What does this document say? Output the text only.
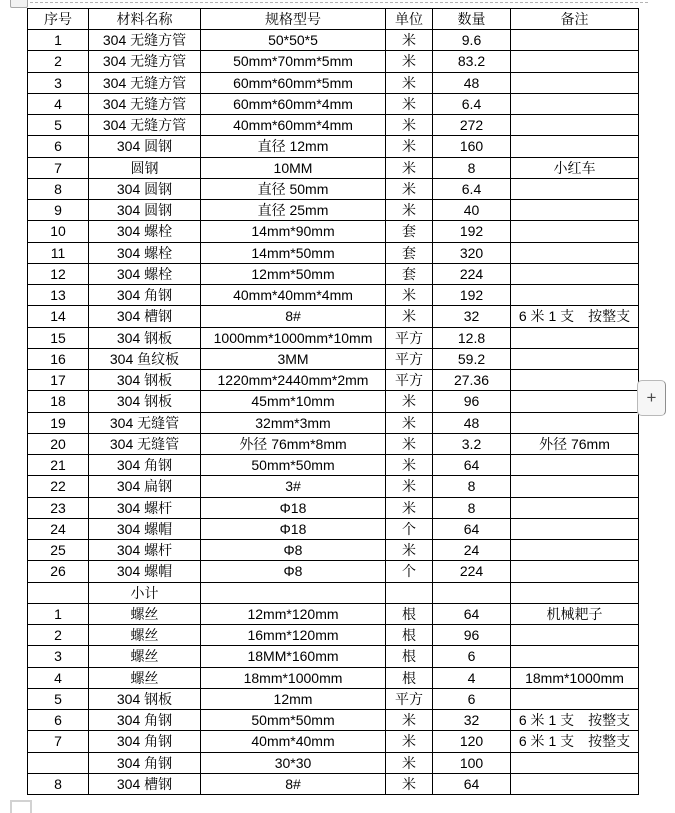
序号	材料名称	规格型号	单位	数量	备注
1	304 无缝方管	50*50*5	米	9.6	
2	304 无缝方管	50mm*70mm*5mm	米	83.2	
3	304 无缝方管	60mm*60mm*5mm	米	48	
4	304 无缝方管	60mm*60mm*4mm	米	6.4	
5	304 无缝方管	40mm*60mm*4mm	米	272	
6	304 圆钢	直径 12mm	米	160	
7	圆钢	10MM	米	8	小红车
8	304 圆钢	直径 50mm	米	6.4	
9	304 圆钢	直径 25mm	米	40	
10	304 螺栓	14mm*90mm	套	192	
11	304 螺栓	14mm*50mm	套	320	
12	304 螺栓	12mm*50mm	套	224	
13	304 角钢	40mm*40mm*4mm	米	192	
14	304 槽钢	8#	米	32	6 米 1 支　按整支
15	304 钢板	1000mm*1000mm*10mm	平方	12.8	
16	304 鱼纹板	3MM	平方	59.2	
17	304 钢板	1220mm*2440mm*2mm	平方	27.36	
18	304 钢板	45mm*10mm	米	96	
19	304 无缝管	32mm*3mm	米	48	
20	304 无缝管	外径 76mm*8mm	米	3.2	外径 76mm
21	304 角钢	50mm*50mm	米	64	
22	304 扁钢	3#	米	8	
23	304 螺杆	Φ18	米	8	
24	304 螺帽	Φ18	个	64	
25	304 螺杆	Φ8	米	24	
26	304 螺帽	Φ8	个	224	
	小计				
1	螺丝	12mm*120mm	根	64	机械耙子
2	螺丝	16mm*120mm	根	96	
3	螺丝	18MM*160mm	根	6	
4	螺丝	18mm*1000mm	根	4	18mm*1000mm
5	304 钢板	12mm	平方	6	
6	304 角钢	50mm*50mm	米	32	6 米 1 支　按整支
7	304 角钢	40mm*40mm	米	120	6 米 1 支　按整支
	304 角钢	30*30	米	100	
8	304 槽钢	8#	米	64	
+
